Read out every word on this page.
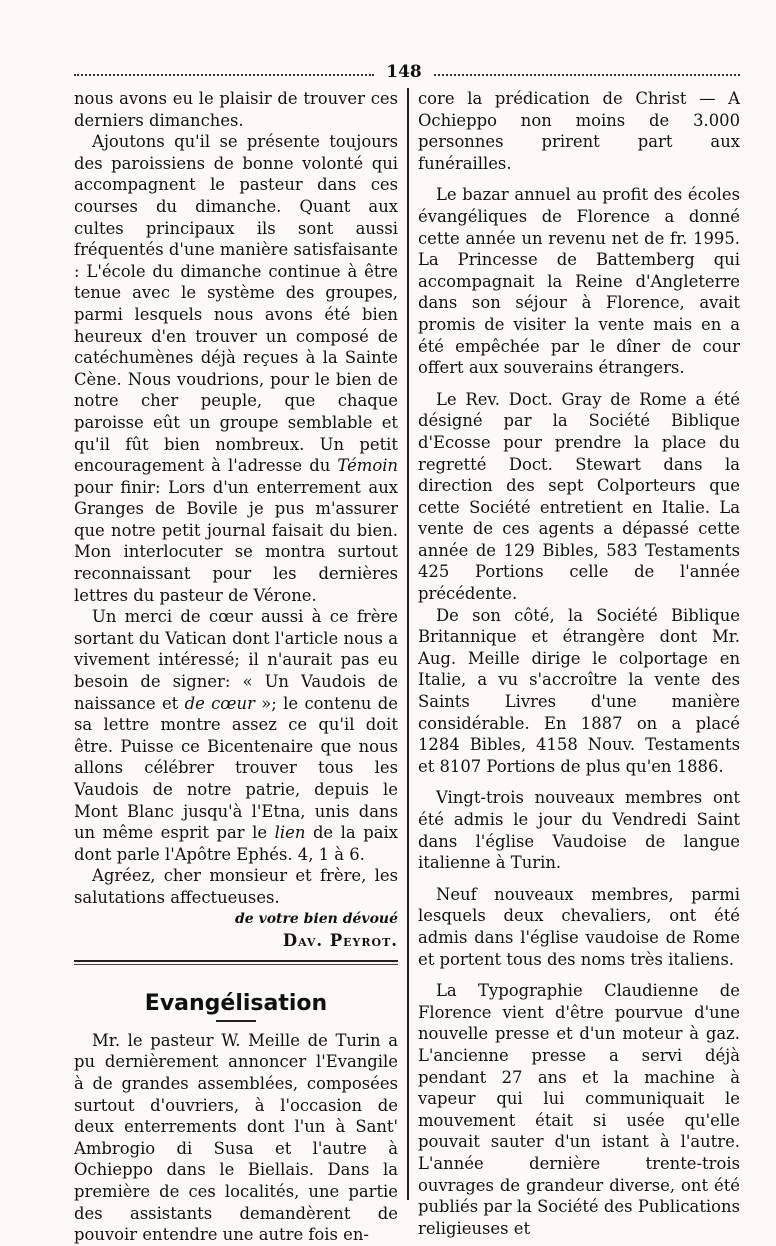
148

nous avons eu le plaisir de trouver ces derniers dimanches.

Ajoutons qu'il se présente toujours des paroissiens de bonne volonté qui accompagnent le pasteur dans ces courses du dimanche. Quant aux cultes principaux ils sont aussi fréquentés d'une manière satisfaisante : L'école du dimanche continue à être tenue avec le système des groupes, parmi lesquels nous avons été bien heureux d'en trouver un composé de catéchumènes déjà reçues à la Sainte Cène. Nous voudrions, pour le bien de notre cher peuple, que chaque paroisse eût un groupe semblable et qu'il fût bien nombreux. Un petit encouragement à l'adresse du Témoin pour finir: Lors d'un enterrement aux Granges de Bovile je pus m'assurer que notre petit journal faisait du bien. Mon interlocuter se montra surtout reconnaissant pour les dernières lettres du pasteur de Vérone.

Un merci de cœur aussi à ce frère sortant du Vatican dont l'article nous a vivement intéressé; il n'aurait pas eu besoin de signer: « Un Vaudois de naissance et de cœur »; le contenu de sa lettre montre assez ce qu'il doit être. Puisse ce Bicentenaire que nous allons célébrer trouver tous les Vaudois de notre patrie, depuis le Mont Blanc jusqu'à l'Etna, unis dans un même esprit par le lien de la paix dont parle l'Apôtre Ephés. 4, 1 à 6.

Agréez, cher monsieur et frère, les salutations affectueuses.

de votre bien dévoué

Dav. Peyrot.

Evangélisation

Mr. le pasteur W. Meille de Turin a pu dernièrement annoncer l'Evangile à de grandes assemblées, composées surtout d'ouvriers, à l'occasion de deux enterrements dont l'un à Sant' Ambrogio di Susa et l'autre à Ochieppo dans le Biellais. Dans la première de ces localités, une partie des assistants demandèrent de pouvoir entendre une autre fois en-

core la prédication de Christ — A Ochieppo non moins de 3.000 personnes prirent part aux funérailles.

Le bazar annuel au profit des écoles évangéliques de Florence a donné cette année un revenu net de fr. 1995. La Princesse de Battemberg qui accompagnait la Reine d'Angleterre dans son séjour à Florence, avait promis de visiter la vente mais en a été empêchée par le dîner de cour offert aux souverains étrangers.

Le Rev. Doct. Gray de Rome a été désigné par la Société Biblique d'Ecosse pour prendre la place du regretté Doct. Stewart dans la direction des sept Colporteurs que cette Société entretient en Italie. La vente de ces agents a dépassé cette année de 129 Bibles, 583 Testaments 425 Portions celle de l'année précédente.

De son côté, la Société Biblique Britannique et étrangère dont Mr. Aug. Meille dirige le colportage en Italie, a vu s'accroître la vente des Saints Livres d'une manière considérable. En 1887 on a placé 1284 Bibles, 4158 Nouv. Testaments et 8107 Portions de plus qu'en 1886.

Vingt-trois nouveaux membres ont été admis le jour du Vendredi Saint dans l'église Vaudoise de langue italienne à Turin.

Neuf nouveaux membres, parmi lesquels deux chevaliers, ont été admis dans l'église vaudoise de Rome et portent tous des noms très italiens.

La Typographie Claudienne de Florence vient d'être pourvue d'une nouvelle presse et d'un moteur à gaz. L'ancienne presse a servi déjà pendant 27 ans et la machine à vapeur qui lui communiquait le mouvement était si usée qu'elle pouvait sauter d'un istant à l'autre. L'année dernière trente-trois ouvrages de grandeur diverse, ont été publiés par la Société des Publications religieuses et
